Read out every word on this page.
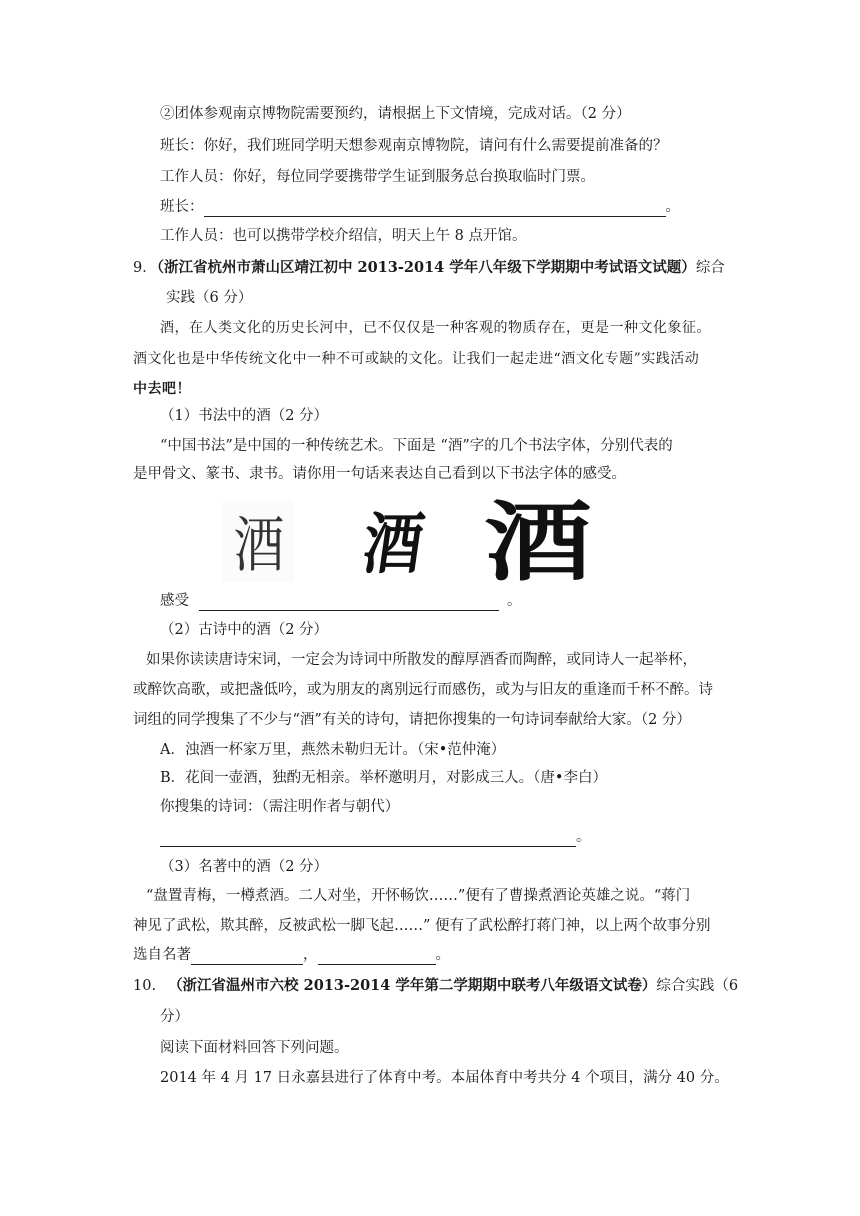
②团体参观南京博物院需要预约，请根据上下文情境，完成对话。（2 分）
班长：你好，我们班同学明天想参观南京博物院，请问有什么需要提前准备的？
工作人员：你好，每位同学要携带学生证到服务总台换取临时门票。
班长：	。
工作人员：也可以携带学校介绍信，明天上午 8 点开馆。
9．（浙江省杭州市萧山区靖江初中 2013-2014 学年八年级下学期期中考试语文试题）综合
实践（6 分）
酒，在人类文化的历史长河中，已不仅仅是一种客观的物质存在，更是一种文化象征。
酒文化也是中华传统文化中一种不可或缺的文化。让我们一起走进“酒文化专题”实践活动
中去吧！
（1）书法中的酒（2 分）
“中国书法”是中国的一种传统艺术。下面是 “酒”字的几个书法字体，分别代表的
是甲骨文、篆书、隶书。请你用一句话来表达自己看到以下书法字体的感受。
酒 酒 酒
感受	。
（2）古诗中的酒（2 分）
如果你读读唐诗宋词，一定会为诗词中所散发的醇厚酒香而陶醉，或同诗人一起举杯，
或醉饮高歌，或把盏低吟，或为朋友的离别远行而感伤，或为与旧友的重逢而千杯不醉。诗
词组的同学搜集了不少与“酒”有关的诗句，请把你搜集的一句诗词奉献给大家。（2 分）
A．浊酒一杯家万里，燕然未勒归无计。（宋•范仲淹）
B．花间一壶酒，独酌无相亲。举杯邀明月，对影成三人。（唐•李白）
你搜集的诗词：（需注明作者与朝代）
。
（3）名著中的酒（2 分）
“盘置青梅，一樽煮酒。二人对坐，开怀畅饮……”便有了曹操煮酒论英雄之说。“蒋门
神见了武松，欺其醉，反被武松一脚飞起……” 便有了武松醉打蒋门神，以上两个故事分别
选自名著	，	。
10. （浙江省温州市六校 2013-2014 学年第二学期期中联考八年级语文试卷）综合实践（6
分）
阅读下面材料回答下列问题。
2014 年 4 月 17 日永嘉县进行了体育中考。本届体育中考共分 4 个项目，满分 40 分。
